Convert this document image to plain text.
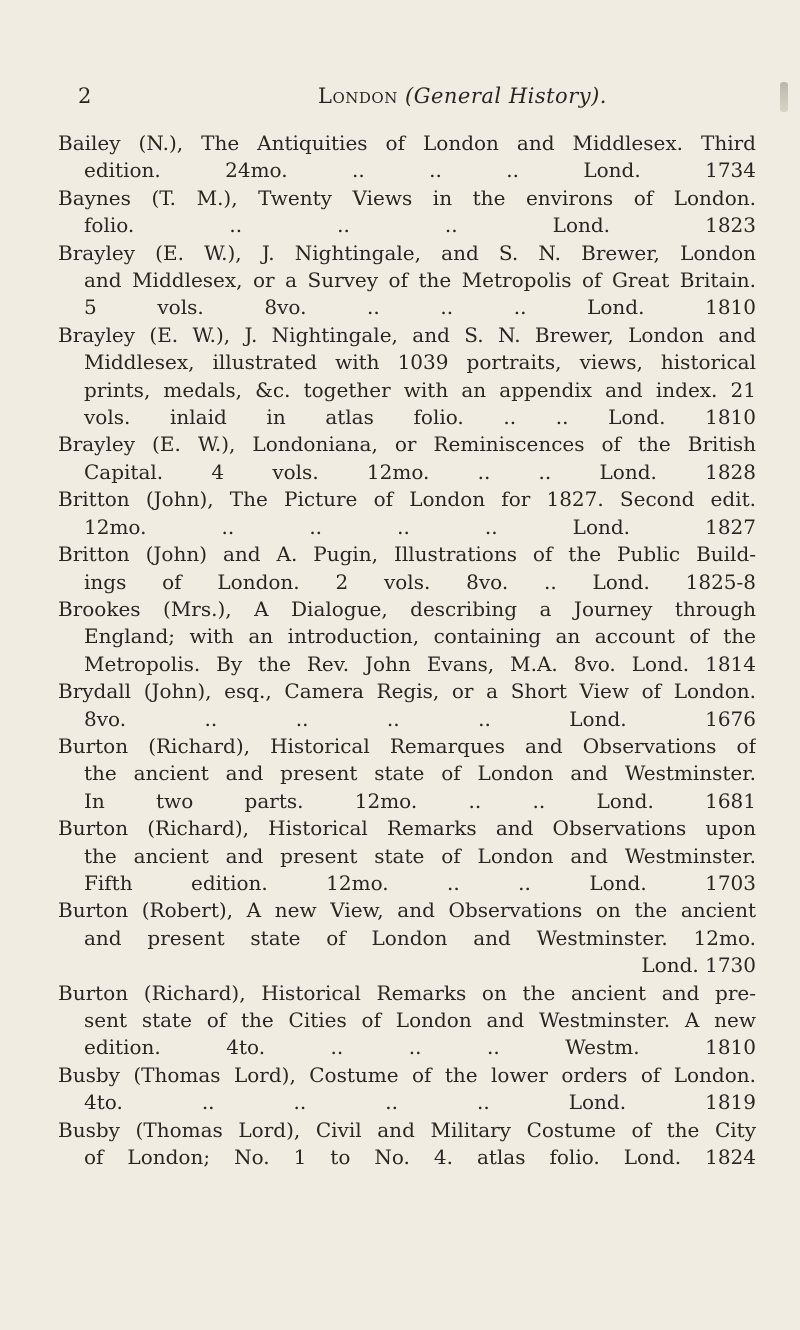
2	London (General History).
Bailey (N.), The Antiquities of London and Middlesex. Third
edition. 24mo. .. .. .. Lond. 1734
Baynes (T. M.), Twenty Views in the environs of London.
folio. .. .. .. Lond. 1823
Brayley (E. W.), J. Nightingale, and S. N. Brewer, London
and Middlesex, or a Survey of the Metropolis of Great Britain.
5 vols. 8vo. .. .. .. Lond. 1810
Brayley (E. W.), J. Nightingale, and S. N. Brewer, London and
Middlesex, illustrated with 1039 portraits, views, historical
prints, medals, &c. together with an appendix and index. 21
vols. inlaid in atlas folio. .. .. Lond. 1810
Brayley (E. W.), Londoniana, or Reminiscences of the British
Capital. 4 vols. 12mo. .. .. Lond. 1828
Britton (John), The Picture of London for 1827. Second edit.
12mo. .. .. .. .. Lond. 1827
Britton (John) and A. Pugin, Illustrations of the Public Build-
ings of London. 2 vols. 8vo. .. Lond. 1825-8
Brookes (Mrs.), A Dialogue, describing a Journey through
England; with an introduction, containing an account of the
Metropolis. By the Rev. John Evans, M.A. 8vo. Lond. 1814
Brydall (John), esq., Camera Regis, or a Short View of London.
8vo. .. .. .. .. Lond. 1676
Burton (Richard), Historical Remarques and Observations of
the ancient and present state of London and Westminster.
In two parts. 12mo. .. .. Lond. 1681
Burton (Richard), Historical Remarks and Observations upon
the ancient and present state of London and Westminster.
Fifth edition. 12mo. .. .. Lond. 1703
Burton (Robert), A new View, and Observations on the ancient
and present state of London and Westminster. 12mo.
Lond. 1730
Burton (Richard), Historical Remarks on the ancient and pre-
sent state of the Cities of London and Westminster. A new
edition. 4to. .. .. .. Westm. 1810
Busby (Thomas Lord), Costume of the lower orders of London.
4to. .. .. .. .. Lond. 1819
Busby (Thomas Lord), Civil and Military Costume of the City
of London; No. 1 to No. 4. atlas folio. Lond. 1824
